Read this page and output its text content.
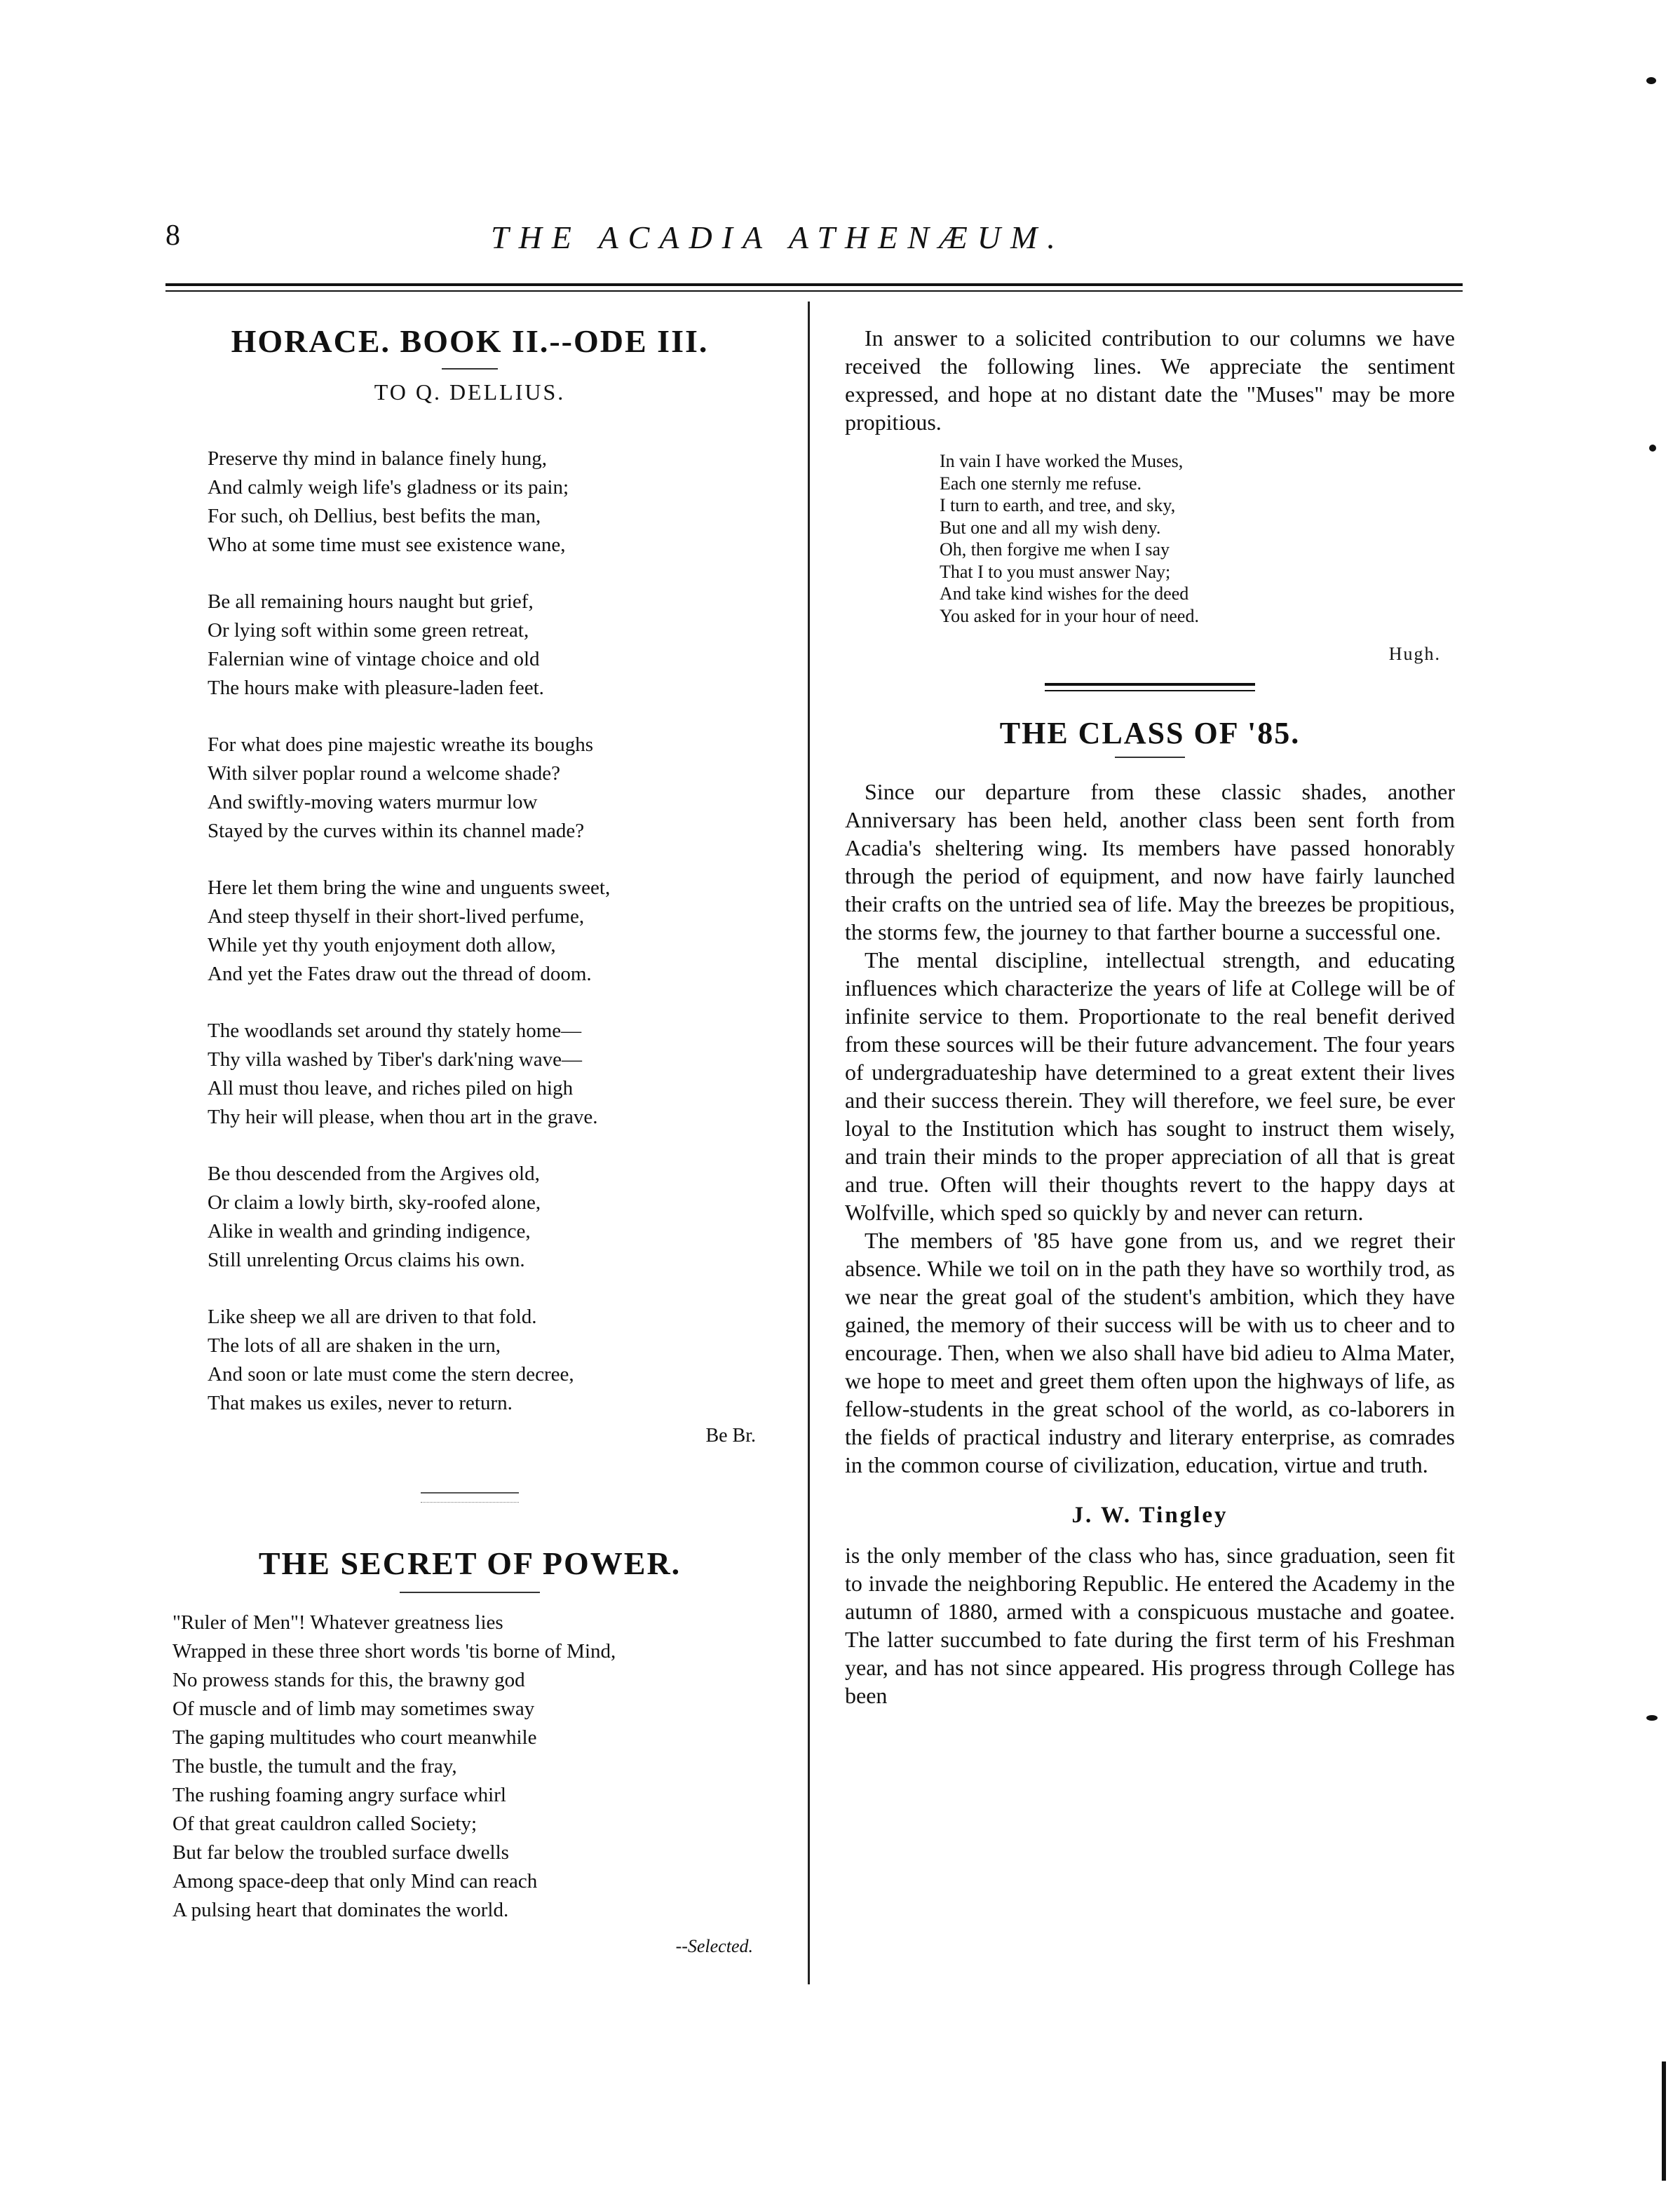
8	THE ACADIA ATHENÆUM.
HORACE. BOOK II.--ODE III.
TO Q. DELLIUS.
Preserve thy mind in balance finely hung,
And calmly weigh life's gladness or its pain;
For such, oh Dellius, best befits the man,
Who at some time must see existence wane,
Be all remaining hours naught but grief,
Or lying soft within some green retreat,
Falernian wine of vintage choice and old
The hours make with pleasure-laden feet.
For what does pine majestic wreathe its boughs
With silver poplar round a welcome shade?
And swiftly-moving waters murmur low
Stayed by the curves within its channel made?
Here let them bring the wine and unguents sweet,
And steep thyself in their short-lived perfume,
While yet thy youth enjoyment doth allow,
And yet the Fates draw out the thread of doom.
The woodlands set around thy stately home—
Thy villa washed by Tiber's dark'ning wave—
All must thou leave, and riches piled on high
Thy heir will please, when thou art in the grave.
Be thou descended from the Argives old,
Or claim a lowly birth, sky-roofed alone,
Alike in wealth and grinding indigence,
Still unrelenting Orcus claims his own.
Like sheep we all are driven to that fold.
The lots of all are shaken in the urn,
And soon or late must come the stern decree,
That makes us exiles, never to return.
Be Br.
THE SECRET OF POWER.
"Ruler of Men"! Whatever greatness lies
Wrapped in these three short words 'tis borne of Mind,
No prowess stands for this, the brawny god
Of muscle and of limb may sometimes sway
The gaping multitudes who court meanwhile
The bustle, the tumult and the fray,
The rushing foaming angry surface whirl
Of that great cauldron called Society;
But far below the troubled surface dwells
Among space-deep that only Mind can reach
A pulsing heart that dominates the world.
--Selected.

In answer to a solicited contribution to our columns we have received the following lines. We appreciate the sentiment expressed, and hope at no distant date the "Muses" may be more propitious.

In vain I have worked the Muses,
Each one sternly me refuse.
I turn to earth, and tree, and sky,
But one and all my wish deny.
Oh, then forgive me when I say
That I to you must answer Nay;
And take kind wishes for the deed
You asked for in your hour of need.
Hugh.
THE CLASS OF '85.

Since our departure from these classic shades, another Anniversary has been held, another class been sent forth from Acadia's sheltering wing. Its members have passed honorably through the period of equipment, and now have fairly launched their crafts on the untried sea of life. May the breezes be propitious, the storms few, the journey to that farther bourne a successful one.

The mental discipline, intellectual strength, and educating influences which characterize the years of life at College will be of infinite service to them. Proportionate to the real benefit derived from these sources will be their future advancement. The four years of undergraduateship have determined to a great extent their lives and their success therein. They will therefore, we feel sure, be ever loyal to the Institution which has sought to instruct them wisely, and train their minds to the proper appreciation of all that is great and true. Often will their thoughts revert to the happy days at Wolfville, which sped so quickly by and never can return.

The members of '85 have gone from us, and we regret their absence. While we toil on in the path they have so worthily trod, as we near the great goal of the student's ambition, which they have gained, the memory of their success will be with us to cheer and to encourage. Then, when we also shall have bid adieu to Alma Mater, we hope to meet and greet them often upon the highways of life, as fellow-students in the great school of the world, as co-laborers in the fields of practical industry and literary enterprise, as comrades in the common course of civilization, education, virtue and truth.

J. W. Tingley

is the only member of the class who has, since graduation, seen fit to invade the neighboring Republic. He entered the Academy in the autumn of 1880, armed with a conspicuous mustache and goatee. The latter succumbed to fate during the first term of his Freshman year, and has not since appeared. His progress through College has been
